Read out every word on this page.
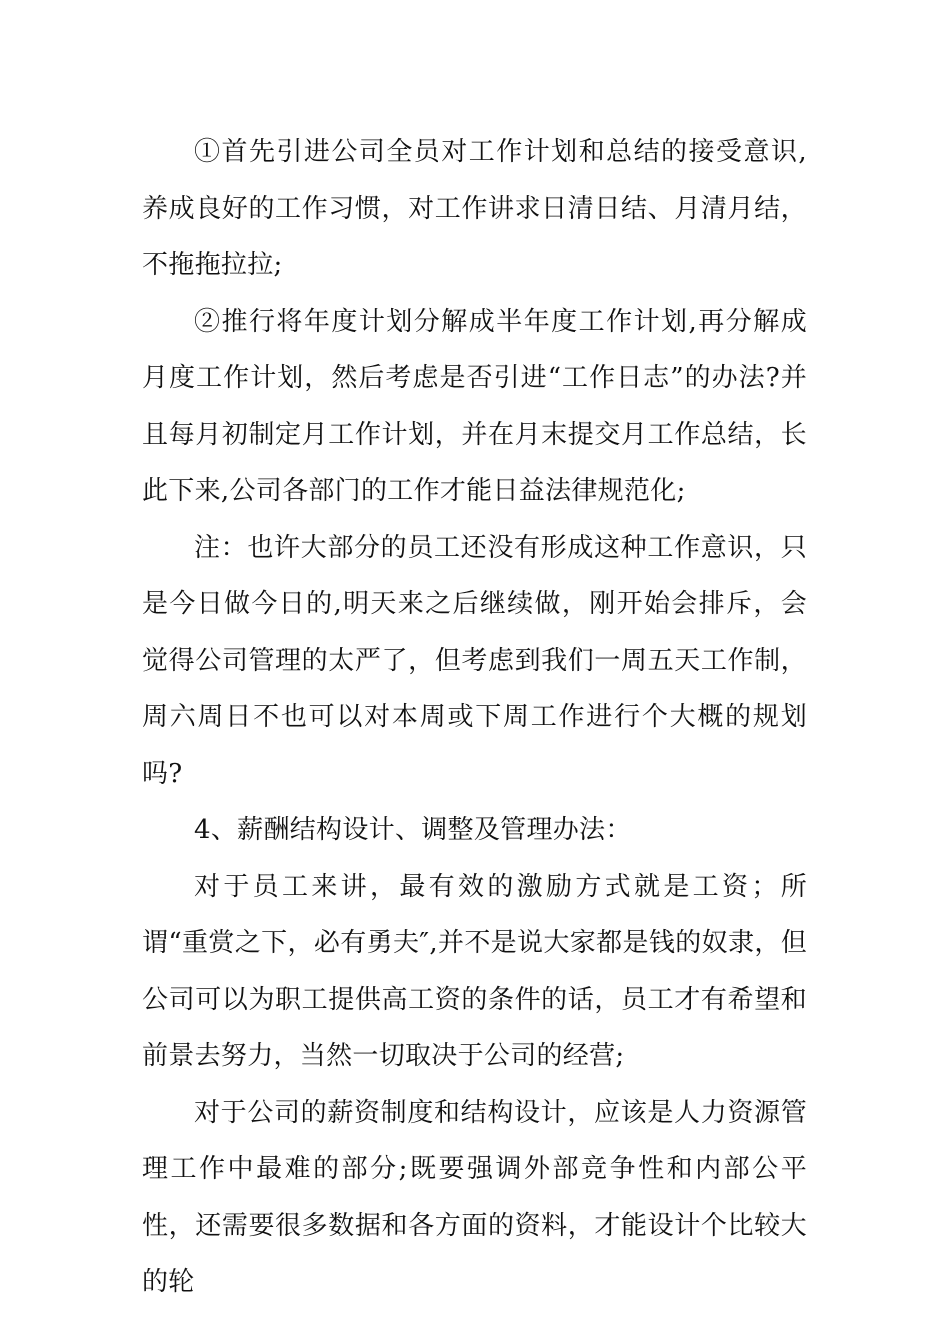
①首先引进公司全员对工作计划和总结的接受意识,养成良好的工作习惯，对工作讲求日清日结、月清月结，不拖拖拉拉;

②推行将年度计划分解成半年度工作计划,再分解成月度工作计划，然后考虑是否引进“工作日志”的办法?并且每月初制定月工作计划，并在月末提交月工作总结，长此下来,公司各部门的工作才能日益法律规范化;

注：也许大部分的员工还没有形成这种工作意识，只是今日做今日的,明天来之后继续做，刚开始会排斥，会觉得公司管理的太严了，但考虑到我们一周五天工作制，周六周日不也可以对本周或下周工作进行个大概的规划吗?

4、薪酬结构设计、调整及管理办法：

对于员工来讲，最有效的激励方式就是工资；所谓“重赏之下，必有勇夫″,并不是说大家都是钱的奴隶，但公司可以为职工提供高工资的条件的话，员工才有希望和前景去努力，当然一切取决于公司的经营;

对于公司的薪资制度和结构设计，应该是人力资源管理工作中最难的部分;既要强调外部竞争性和内部公平性，还需要很多数据和各方面的资料，才能设计个比较大的轮
